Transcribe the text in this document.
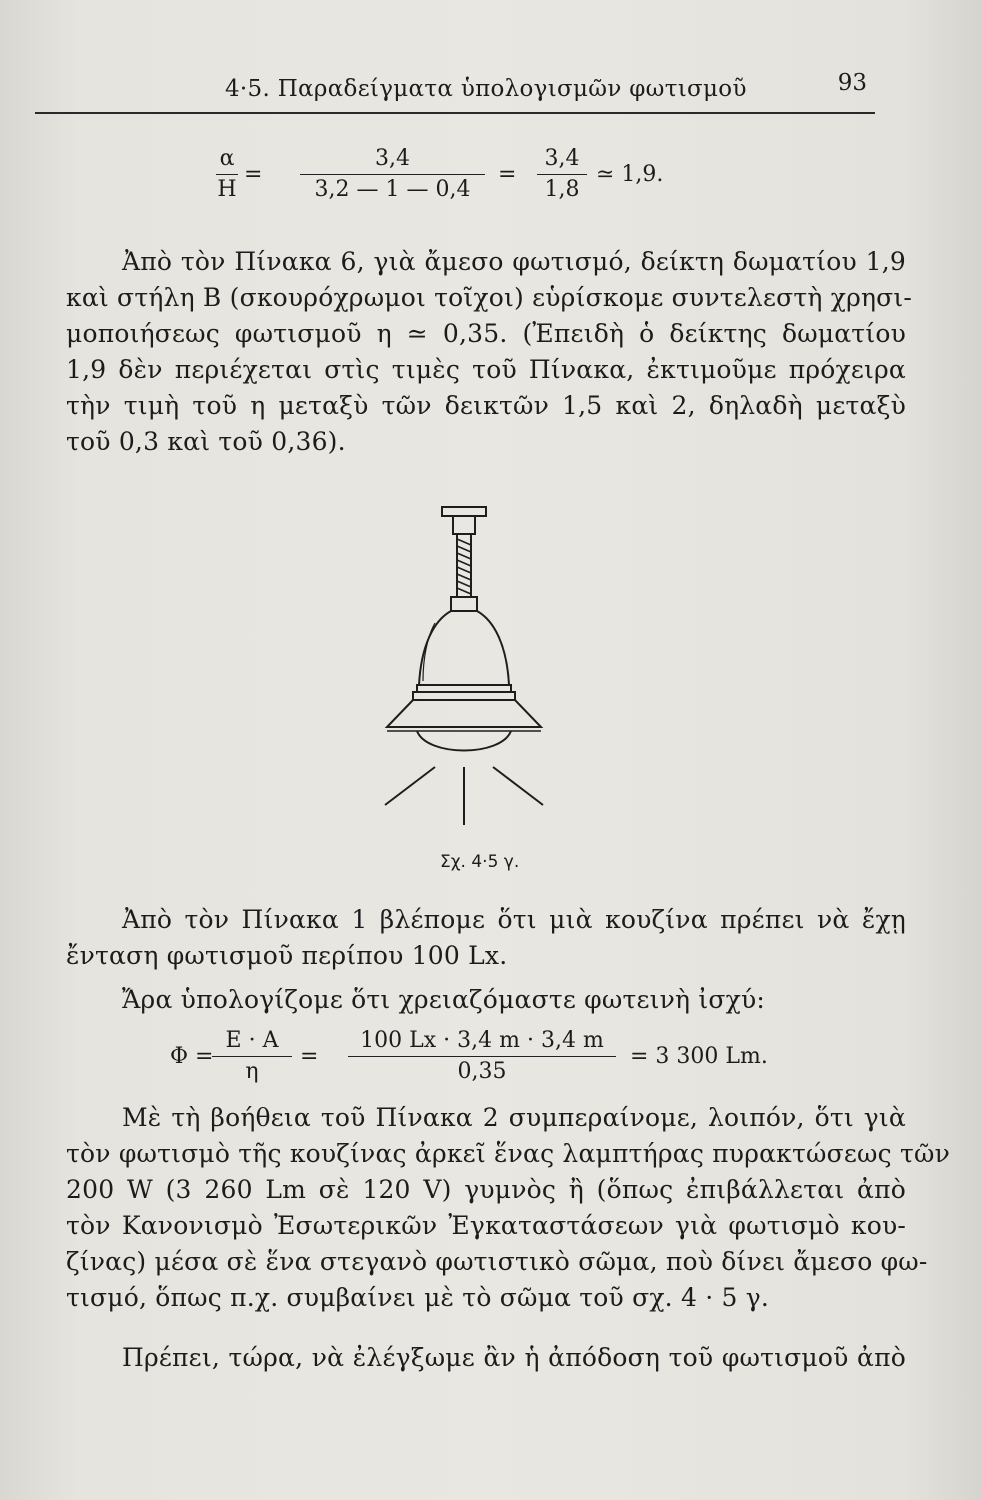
4·5. Παραδείγματα ὑπολογισμῶν φωτισμοῦ	93
$\frac{\alpha}{H} = \frac{3,4}{3,2 — 1 — 0,4} = \frac{3,4}{1,8}$ ≃ 1,9.
Ἀπὸ τὸν Πίνακα 6, γιὰ ἄμεσο φωτισμό, δείκτη δωματίου 1,9
καὶ στήλη Β (σκουρόχρωμοι τοῖχοι) εὑρίσκομε συντελεστὴ χρησι-
μοποιήσεως φωτισμοῦ η ≃ 0,35. (Ἐπειδὴ ὁ δείκτης δωματίου
1,9 δὲν περιέχεται στὶς τιμὲς τοῦ Πίνακα, ἐκτιμοῦμε πρόχειρα
τὴν τιμὴ τοῦ η μεταξὺ τῶν δεικτῶν 1,5 καὶ 2, δηλαδὴ μεταξὺ
τοῦ 0,3 καὶ τοῦ 0,36).
Σχ. 4·5 γ.
Ἀπὸ τὸν Πίνακα 1 βλέπομε ὅτι μιὰ κουζίνα πρέπει νὰ ἔχῃ
ἔνταση φωτισμοῦ περίπου 100 Lx.
Ἄρα ὑπολογίζομε ὅτι χρειαζόμαστε φωτεινὴ ἰσχύ:
Φ =
$\frac{E \cdot A}{\eta} = \frac{100 Lx \cdot 3,4 m \cdot 3,4 m}{0,35} = 3$ 300 Lm.
Μὲ τὴ βοήθεια τοῦ Πίνακα 2 συμπεραίνομε, λοιπόν, ὅτι γιὰ
τὸν φωτισμὸ τῆς κουζίνας ἀρκεῖ ἕνας λαμπτήρας πυρακτώσεως τῶν
200 W (3 260 Lm σὲ 120 V) γυμνὸς ἢ (ὅπως ἐπιβάλλεται ἀπὸ
τὸν Κανονισμὸ Ἐσωτερικῶν Ἐγκαταστάσεων γιὰ φωτισμὸ κου-
ζίνας) μέσα σὲ ἕνα στεγανὸ φωτιστικὸ σῶμα, ποὺ δίνει ἄμεσο φω-
τισμό, ὅπως π.χ. συμβαίνει μὲ τὸ σῶμα τοῦ σχ. 4 · 5 γ.
Πρέπει, τώρα, νὰ ἐλέγξωμε ἂν ἡ ἀπόδοση τοῦ φωτισμοῦ ἀπὸ
